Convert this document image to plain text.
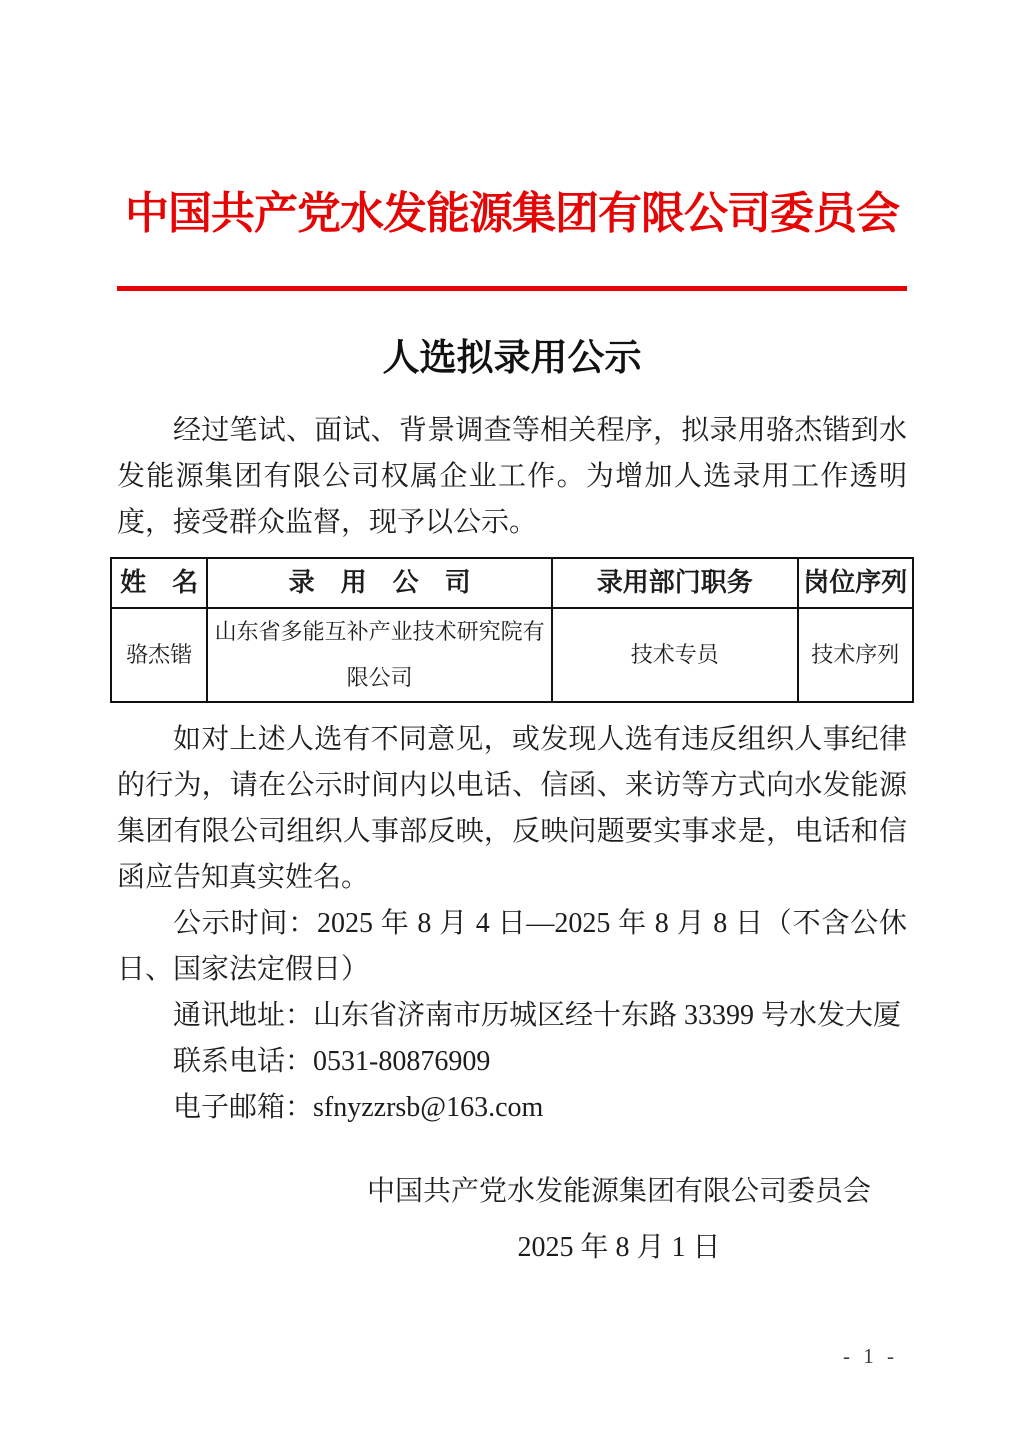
中国共产党水发能源集团有限公司委员会
人选拟录用公示

经过笔试、面试、背景调查等相关程序，拟录用骆杰锴到水发能源集团有限公司权属企业工作。为增加人选录用工作透明度，接受群众监督，现予以公示。

姓　名	录　用　公　司	录用部门职务	岗位序列
骆杰锴	山东省多能互补产业技术研究院有限公司	技术专员	技术序列

如对上述人选有不同意见，或发现人选有违反组织人事纪律的行为，请在公示时间内以电话、信函、来访等方式向水发能源集团有限公司组织人事部反映，反映问题要实事求是，电话和信函应告知真实姓名。

公示时间：2025 年 8 月 4 日—2025 年 8 月 8 日（不含公休日、国家法定假日）

通讯地址：山东省济南市历城区经十东路 33399 号水发大厦

联系电话：0531-80876909

电子邮箱：sfnyzzrsb@163.com

中国共产党水发能源集团有限公司委员会
2025 年 8 月 1 日
- 1 -
